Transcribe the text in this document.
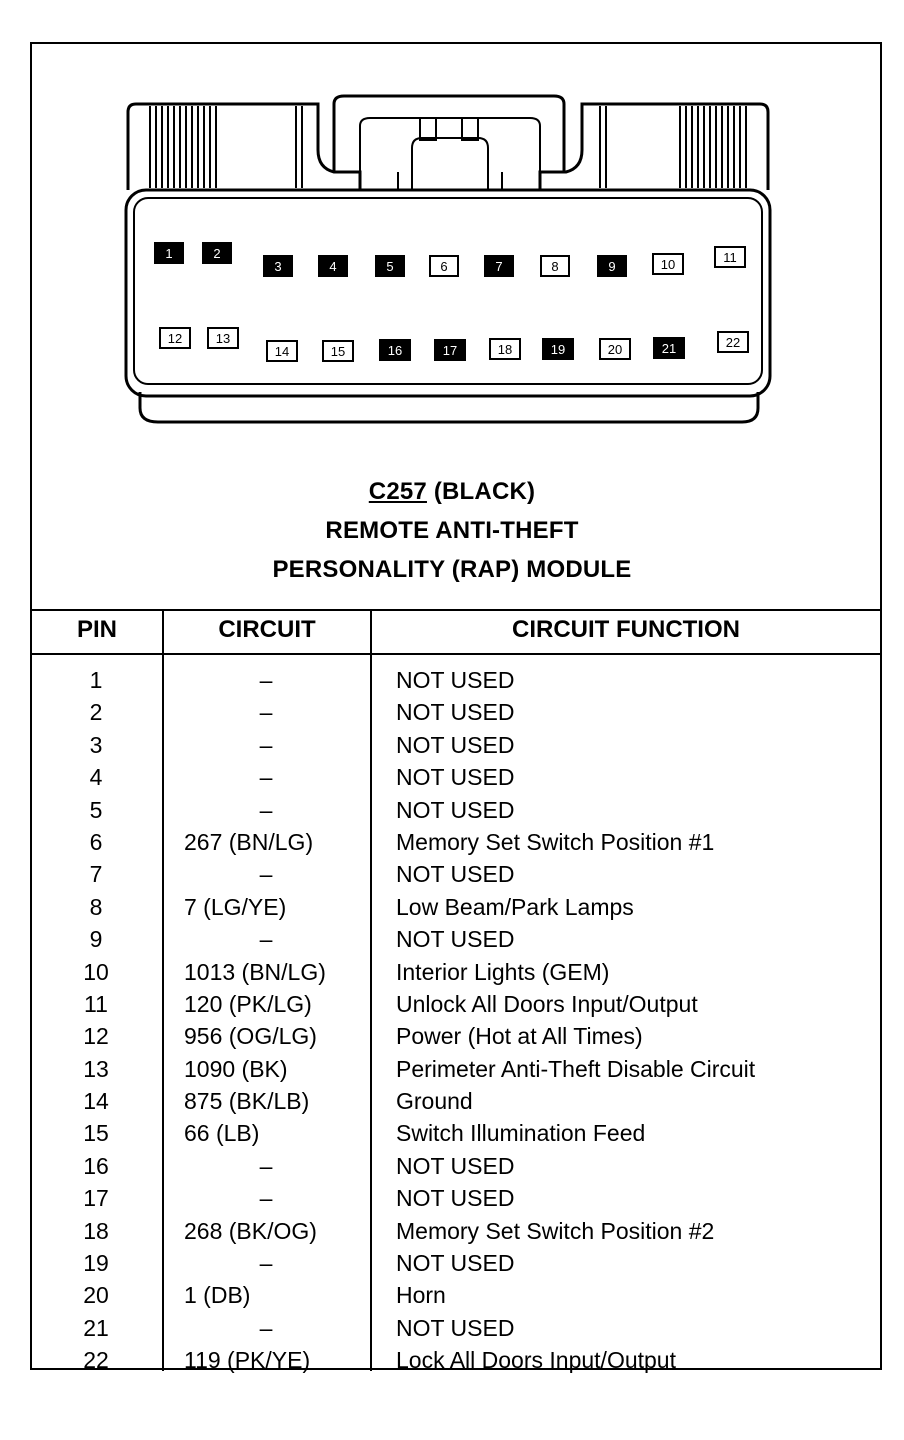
1	2
3	4	5	6	7	8	9	10	11
12	13
14	15	16	17	18	19	20	21	22
C257 (BLACK)
REMOTE ANTI-THEFT
PERSONALITY (RAP) MODULE
PIN	CIRCUIT	CIRCUIT FUNCTION
1	–	NOT USED
2	–	NOT USED
3	–	NOT USED
4	–	NOT USED
5	–	NOT USED
6	267 (BN/LG)	Memory Set Switch Position #1
7	–	NOT USED
8	7 (LG/YE)	Low Beam/Park Lamps
9	–	NOT USED
10	1013 (BN/LG)	Interior Lights (GEM)
11	120 (PK/LG)	Unlock All Doors Input/Output
12	956 (OG/LG)	Power (Hot at All Times)
13	1090 (BK)	Perimeter Anti-Theft Disable Circuit
14	875 (BK/LB)	Ground
15	66 (LB)	Switch Illumination Feed
16	–	NOT USED
17	–	NOT USED
18	268 (BK/OG)	Memory Set Switch Position #2
19	–	NOT USED
20	1 (DB)	Horn
21	–	NOT USED
22	119 (PK/YE)	Lock All Doors Input/Output
